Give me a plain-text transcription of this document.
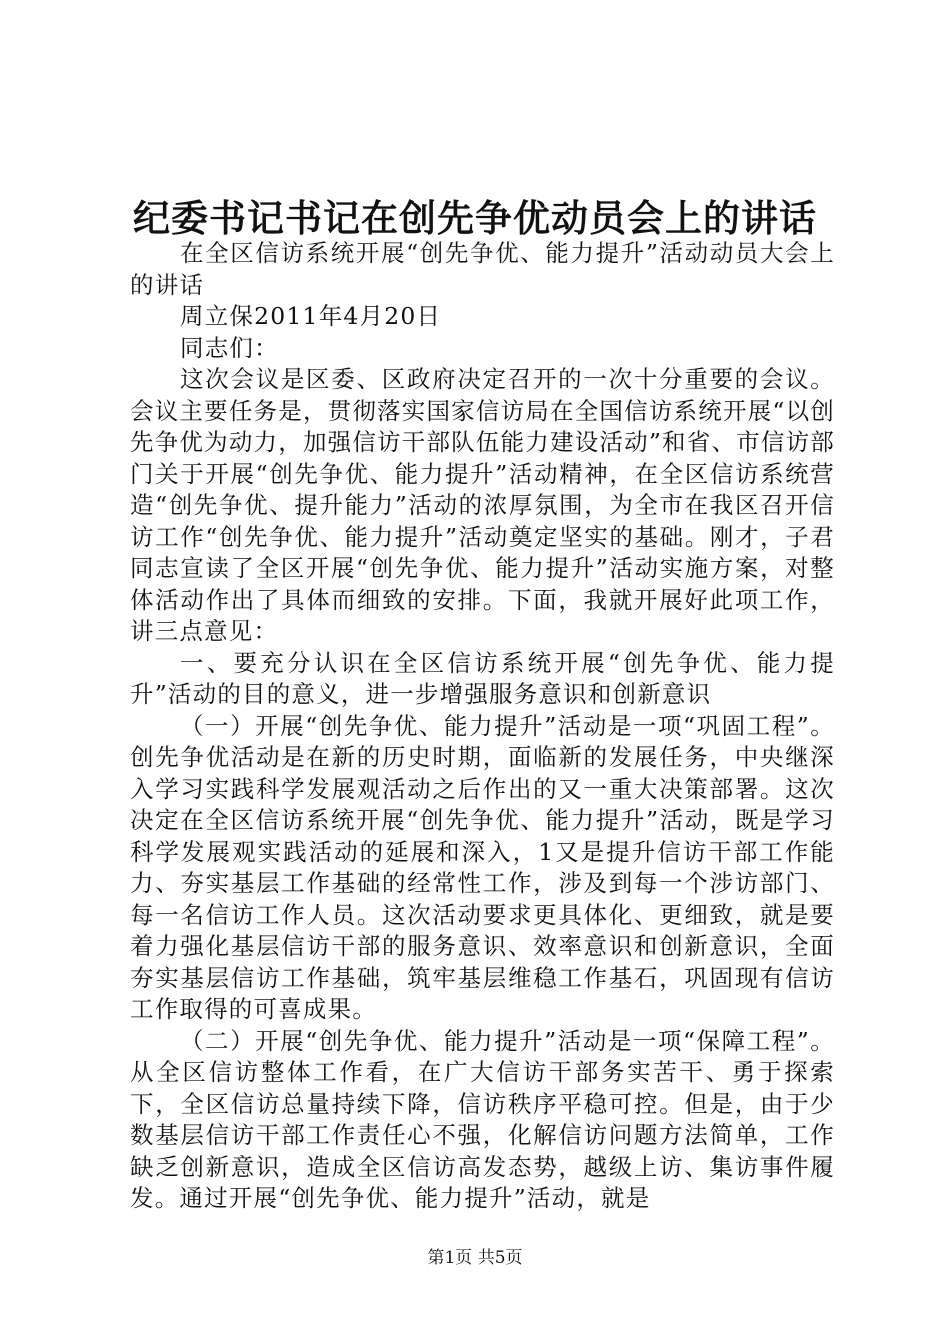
纪委书记书记在创先争优动员会上的讲话

在全区信访系统开展“创先争优、能力提升”活动动员大会上的讲话

周立保2011年4月20日

同志们：

这次会议是区委、区政府决定召开的一次十分重要的会议。会议主要任务是，贯彻落实国家信访局在全国信访系统开展“以创先争优为动力，加强信访干部队伍能力建设活动”和省、市信访部门关于开展“创先争优、能力提升”活动精神，在全区信访系统营造“创先争优、提升能力”活动的浓厚氛围，为全市在我区召开信访工作“创先争优、能力提升”活动奠定坚实的基础。刚才，子君同志宣读了全区开展“创先争优、能力提升”活动实施方案，对整体活动作出了具体而细致的安排。下面，我就开展好此项工作，讲三点意见：

一、要充分认识在全区信访系统开展“创先争优、能力提升”活动的目的意义，进一步增强服务意识和创新意识

（一）开展“创先争优、能力提升”活动是一项“巩固工程”。创先争优活动是在新的历史时期，面临新的发展任务，中央继深入学习实践科学发展观活动之后作出的又一重大决策部署。这次决定在全区信访系统开展“创先争优、能力提升”活动，既是学习科学发展观实践活动的延展和深入，1又是提升信访干部工作能力、夯实基层工作基础的经常性工作，涉及到每一个涉访部门、每一名信访工作人员。这次活动要求更具体化、更细致，就是要着力强化基层信访干部的服务意识、效率意识和创新意识，全面夯实基层信访工作基础，筑牢基层维稳工作基石，巩固现有信访工作取得的可喜成果。

（二）开展“创先争优、能力提升”活动是一项“保障工程”。从全区信访整体工作看，在广大信访干部务实苦干、勇于探索下，全区信访总量持续下降，信访秩序平稳可控。但是，由于少数基层信访干部工作责任心不强，化解信访问题方法简单，工作缺乏创新意识，造成全区信访高发态势，越级上访、集访事件履发。通过开展“创先争优、能力提升”活动，就是

第1页 共5页
